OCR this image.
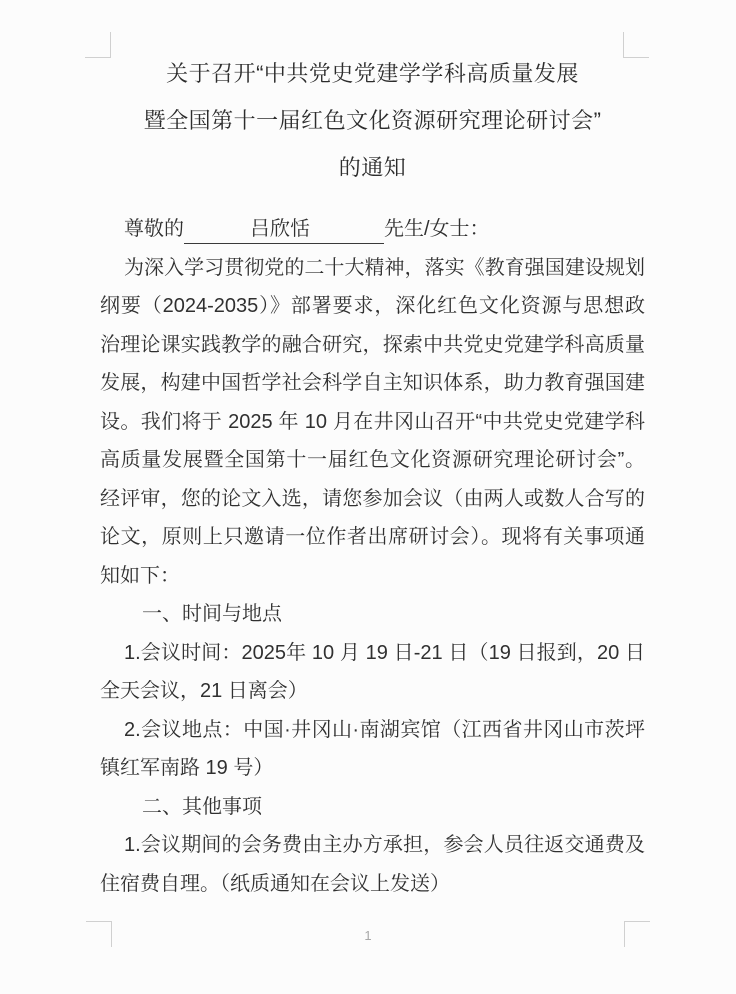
关于召开“中共党史党建学学科高质量发展
暨全国第十一届红色文化资源研究理论研讨会”
的通知

尊敬的	吕欣恬	先生/女士：

为深入学习贯彻党的二十大精神，落实《教育强国建设规划纲要（2024-2035）》部署要求，深化红色文化资源与思想政治理论课实践教学的融合研究，探索中共党史党建学科高质量发展，构建中国哲学社会科学自主知识体系，助力教育强国建设。我们将于 2025 年 10 月在井冈山召开“中共党史党建学科高质量发展暨全国第十一届红色文化资源研究理论研讨会”。经评审，您的论文入选，请您参加会议（由两人或数人合写的论文，原则上只邀请一位作者出席研讨会）。现将有关事项通知如下：

一、时间与地点

1.会议时间：2025年 10 月 19 日-21 日（19 日报到，20 日全天会议，21 日离会）

2.会议地点：中国·井冈山·南湖宾馆（江西省井冈山市茨坪镇红军南路 19 号）

二、其他事项

1.会议期间的会务费由主办方承担，参会人员往返交通费及住宿费自理。（纸质通知在会议上发送）

1
